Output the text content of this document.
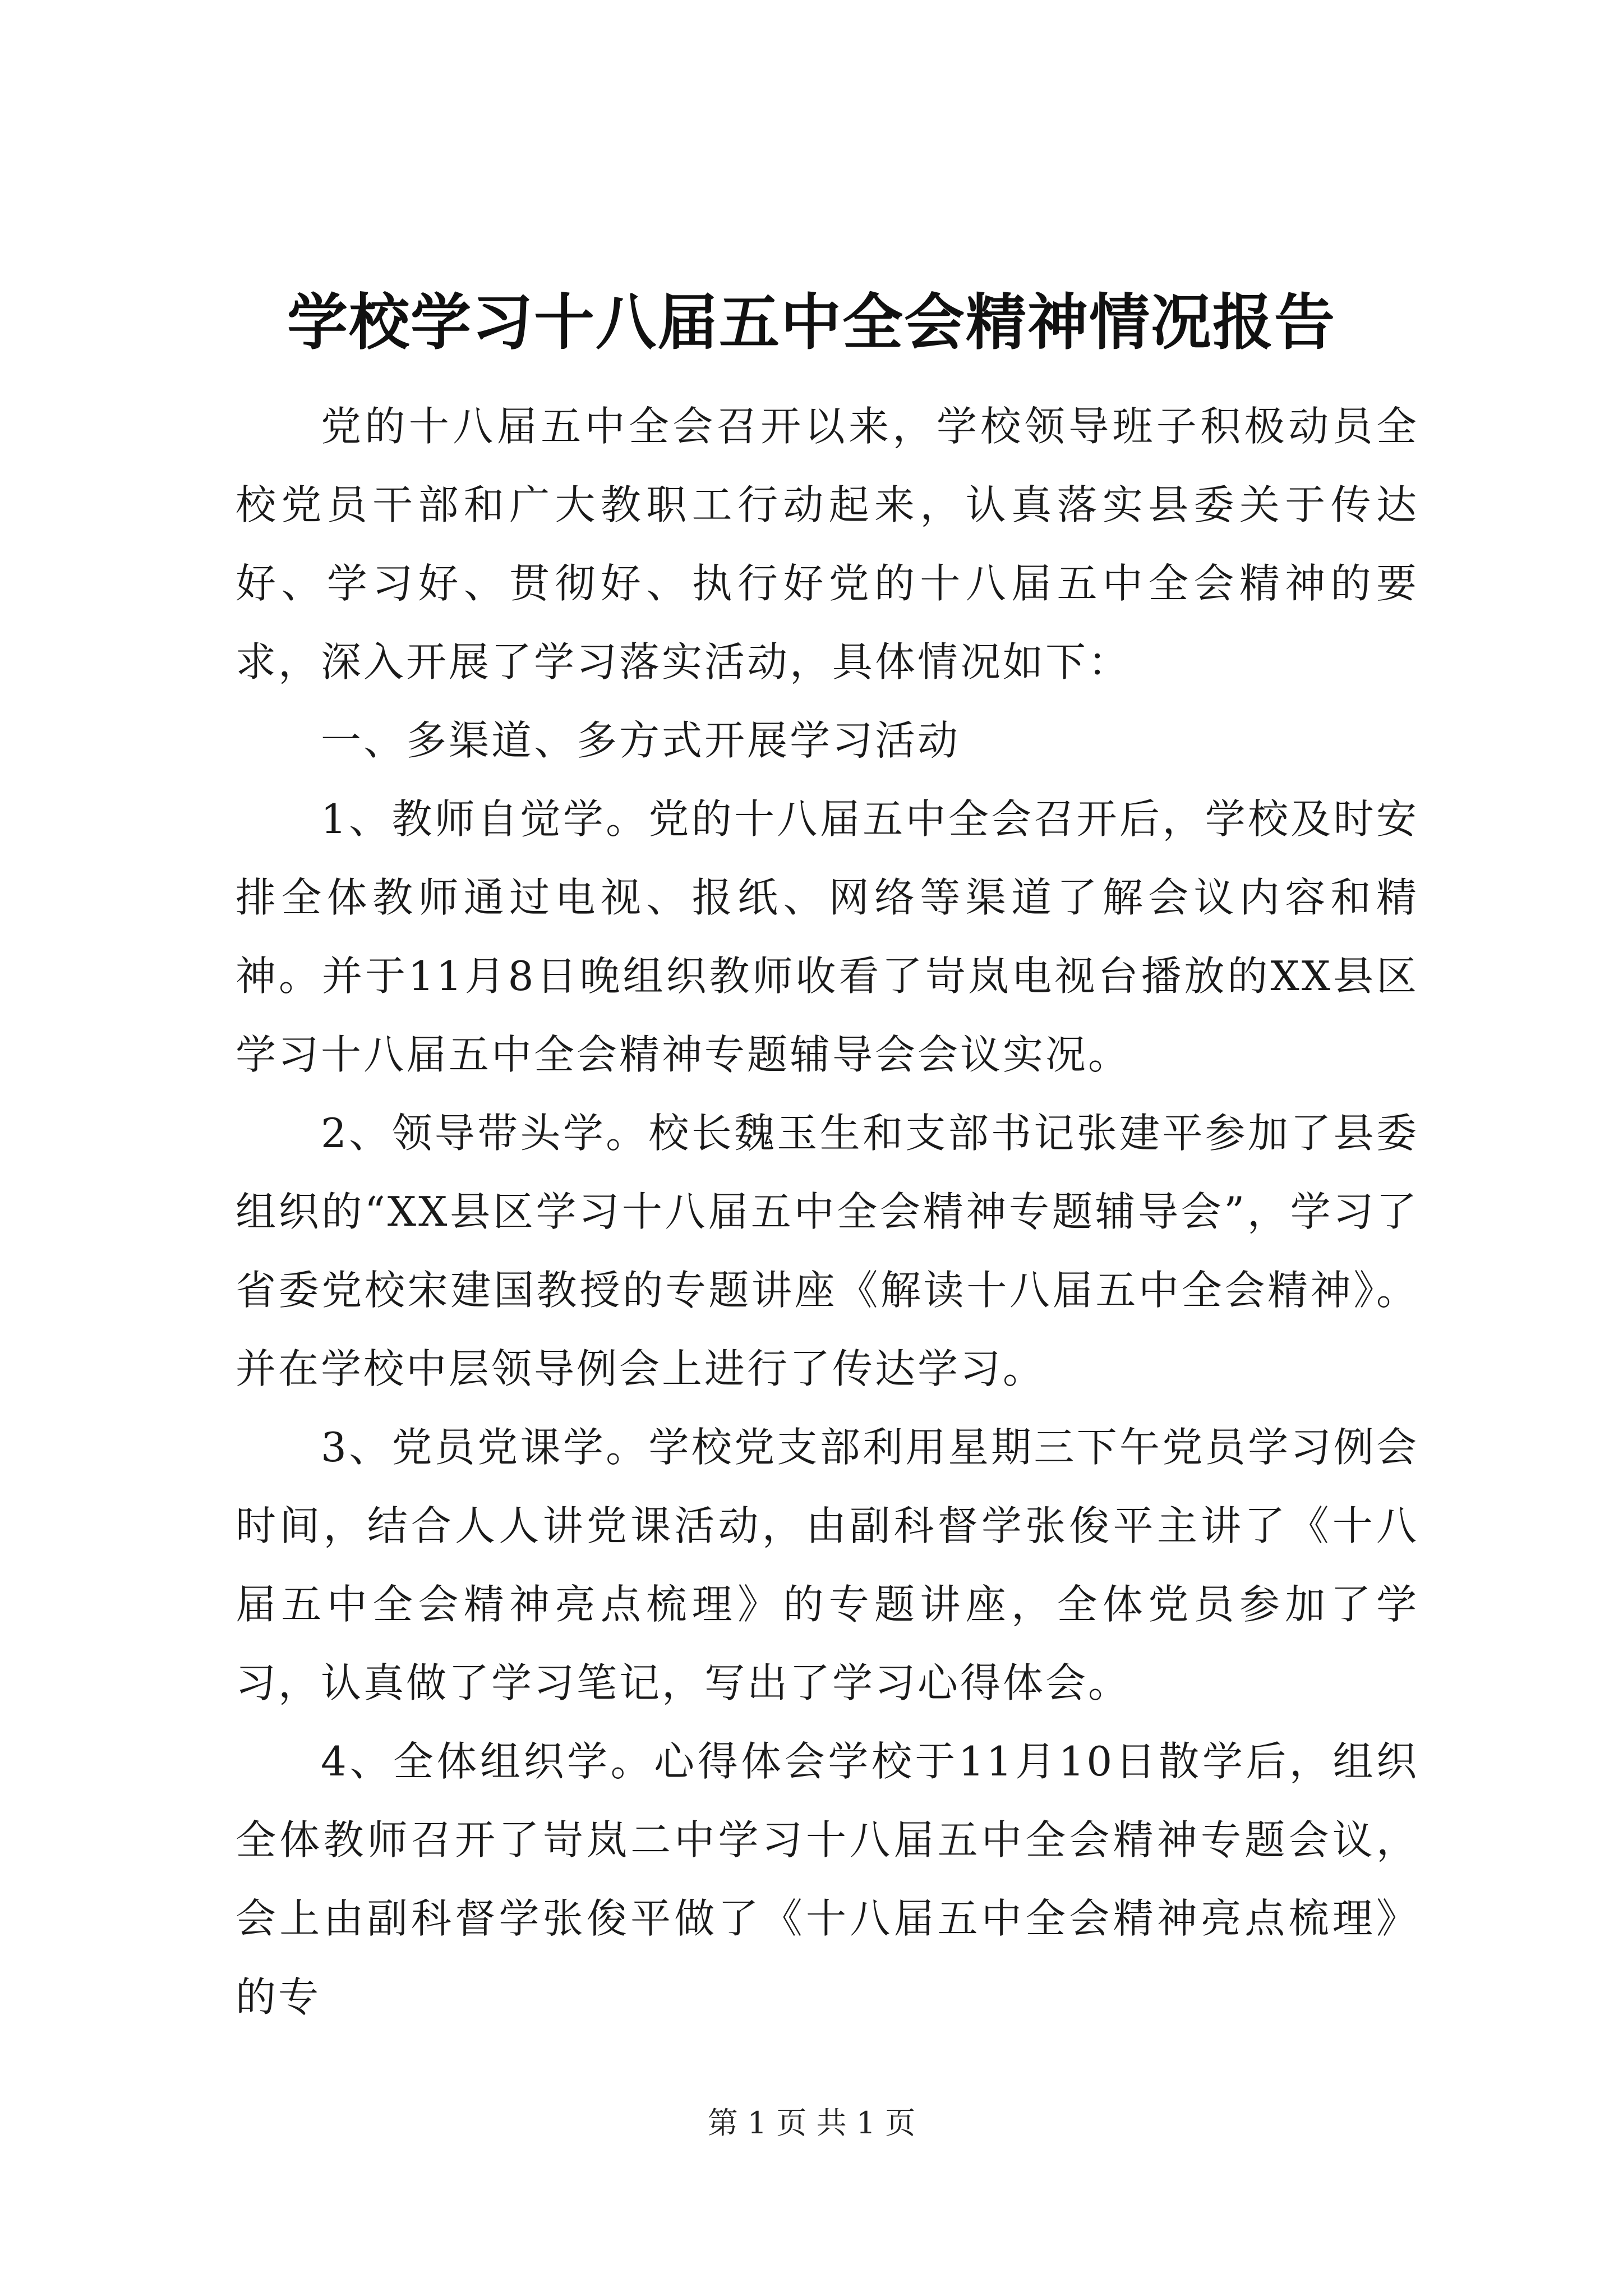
学校学习十八届五中全会精神情况报告

党的十八届五中全会召开以来，学校领导班子积极动员全校党员干部和广大教职工行动起来，认真落实县委关于传达好、学习好、贯彻好、执行好党的十八届五中全会精神的要求，深入开展了学习落实活动，具体情况如下：

一、多渠道、多方式开展学习活动

1、教师自觉学。党的十八届五中全会召开后，学校及时安排全体教师通过电视、报纸、网络等渠道了解会议内容和精神。并于11月8日晚组织教师收看了岢岚电视台播放的XX县区学习十八届五中全会精神专题辅导会会议实况。

2、领导带头学。校长魏玉生和支部书记张建平参加了县委组织的“XX县区学习十八届五中全会精神专题辅导会”，学习了省委党校宋建国教授的专题讲座《解读十八届五中全会精神》。并在学校中层领导例会上进行了传达学习。

3、党员党课学。学校党支部利用星期三下午党员学习例会时间，结合人人讲党课活动，由副科督学张俊平主讲了《十八届五中全会精神亮点梳理》的专题讲座，全体党员参加了学习，认真做了学习笔记，写出了学习心得体会。

4、全体组织学。心得体会学校于11月10日散学后，组织全体教师召开了岢岚二中学习十八届五中全会精神专题会议，会上由副科督学张俊平做了《十八届五中全会精神亮点梳理》的专

第 1 页 共 1 页
